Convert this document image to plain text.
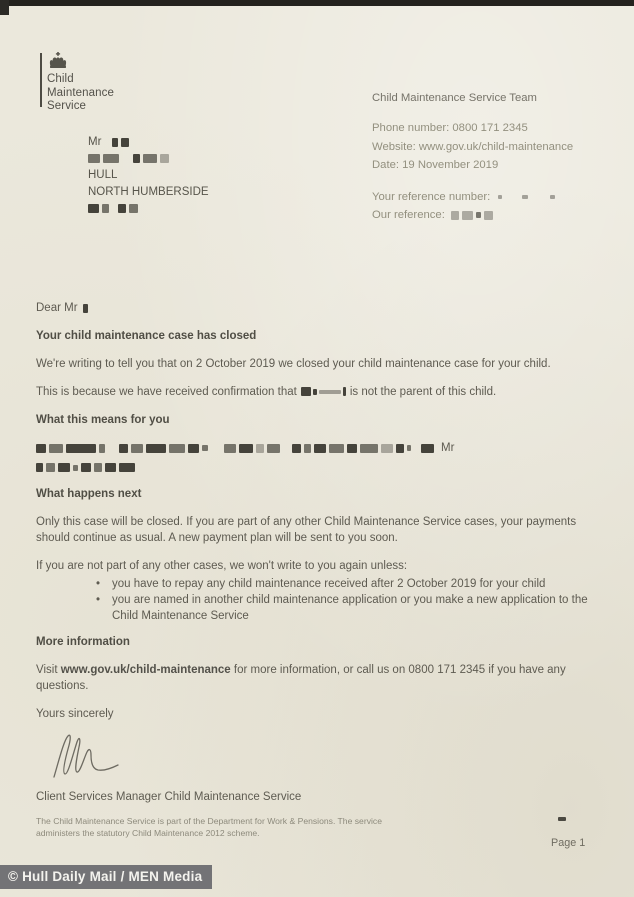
Child Maintenance
Service
Child Maintenance Service Team
Phone number: 0800 171 2345
Website: www.gov.uk/child-maintenance
Date: 19 November 2019
Your reference number:
Our reference:
Mr
HULL
NORTH HUMBERSIDE

Dear Mr

Your child maintenance case has closed

We're writing to tell you that on 2 October 2019 we closed your child maintenance case for your child.

This is because we have received confirmation that	is not the parent of this child.

What this means for you
Mr
What happens next

Only this case will be closed. If you are part of any other Child Maintenance Service cases, your payments should continue as usual. A new payment plan will be sent to you soon.

If you are not part of any other cases, we won't write to you again unless:

• you have to repay any child maintenance received after 2 October 2019 for your child
• you are named in another child maintenance application or you make a new application to the Child Maintenance Service
More information

Visit www.gov.uk/child-maintenance for more information, or call us on 0800 171 2345 if you have any questions.

Yours sincerely

Client Services Manager Child Maintenance Service

The Child Maintenance Service is part of the Department for Work & Pensions. The service administers the statutory Child Maintenance 2012 scheme.
Page 1
© Hull Daily Mail / MEN Media
